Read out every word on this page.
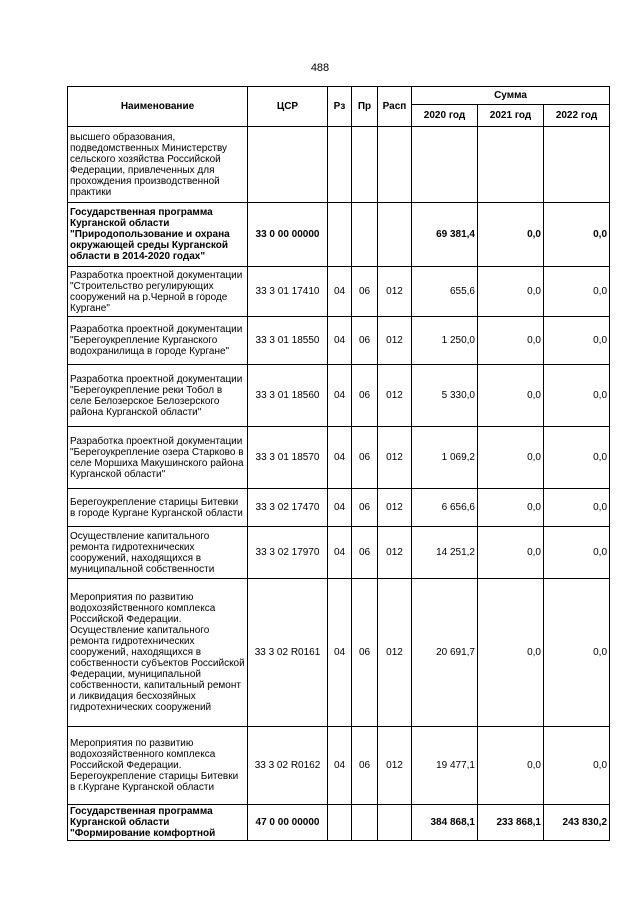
488
Наименование	ЦСР	Рз	Пр	Расп	Сумма		
					2020 год	2021 год	2022 год
высшего образования, подведомственных Министерству сельского хозяйства Российской Федерации, привлеченных для прохождения производственной практики							
Государственная программа Курганской области "Природопользование и охрана окружающей среды Курганской области в 2014-2020 годах"	33 0 00 00000				69 381,4	0,0	0,0
Разработка проектной документации "Строительство регулирующих сооружений на р.Черной в городе Кургане"	33 3 01 17410	04	06	012	655,6	0,0	0,0
Разработка проектной документации "Берегоукрепление Курганского водохранилища в городе Кургане"	33 3 01 18550	04	06	012	1 250,0	0,0	0,0
Разработка проектной документации "Берегоукрепление реки Тобол в селе Белозерское Белозерского района Курганской области"	33 3 01 18560	04	06	012	5 330,0	0,0	0,0
Разработка проектной документации "Берегоукрепление озера Старково в селе Моршиха Макушинского района Курганской области"	33 3 01 18570	04	06	012	1 069,2	0,0	0,0
Берегоукрепление старицы Битевки в городе Кургане Курганской области	33 3 02 17470	04	06	012	6 656,6	0,0	0,0
Осуществление капитального ремонта гидротехнических сооружений, находящихся в муниципальной собственности	33 3 02 17970	04	06	012	14 251,2	0,0	0,0
Мероприятия по развитию водохозяйственного комплекса Российской Федерации. Осуществление капитального ремонта гидротехнических сооружений, находящихся в собственности субъектов Российской Федерации, муниципальной собственности, капитальный ремонт и ликвидация бесхозяйных гидротехнических сооружений	33 3 02 R0161	04	06	012	20 691,7	0,0	0,0
Мероприятия по развитию водохозяйственного комплекса Российской Федерации. Берегоукрепление старицы Битевки в г.Кургане Курганской области	33 3 02 R0162	04	06	012	19 477,1	0,0	0,0
Государственная программа Курганской области "Формирование комфортной	47 0 00 00000				384 868,1	233 868,1	243 830,2
